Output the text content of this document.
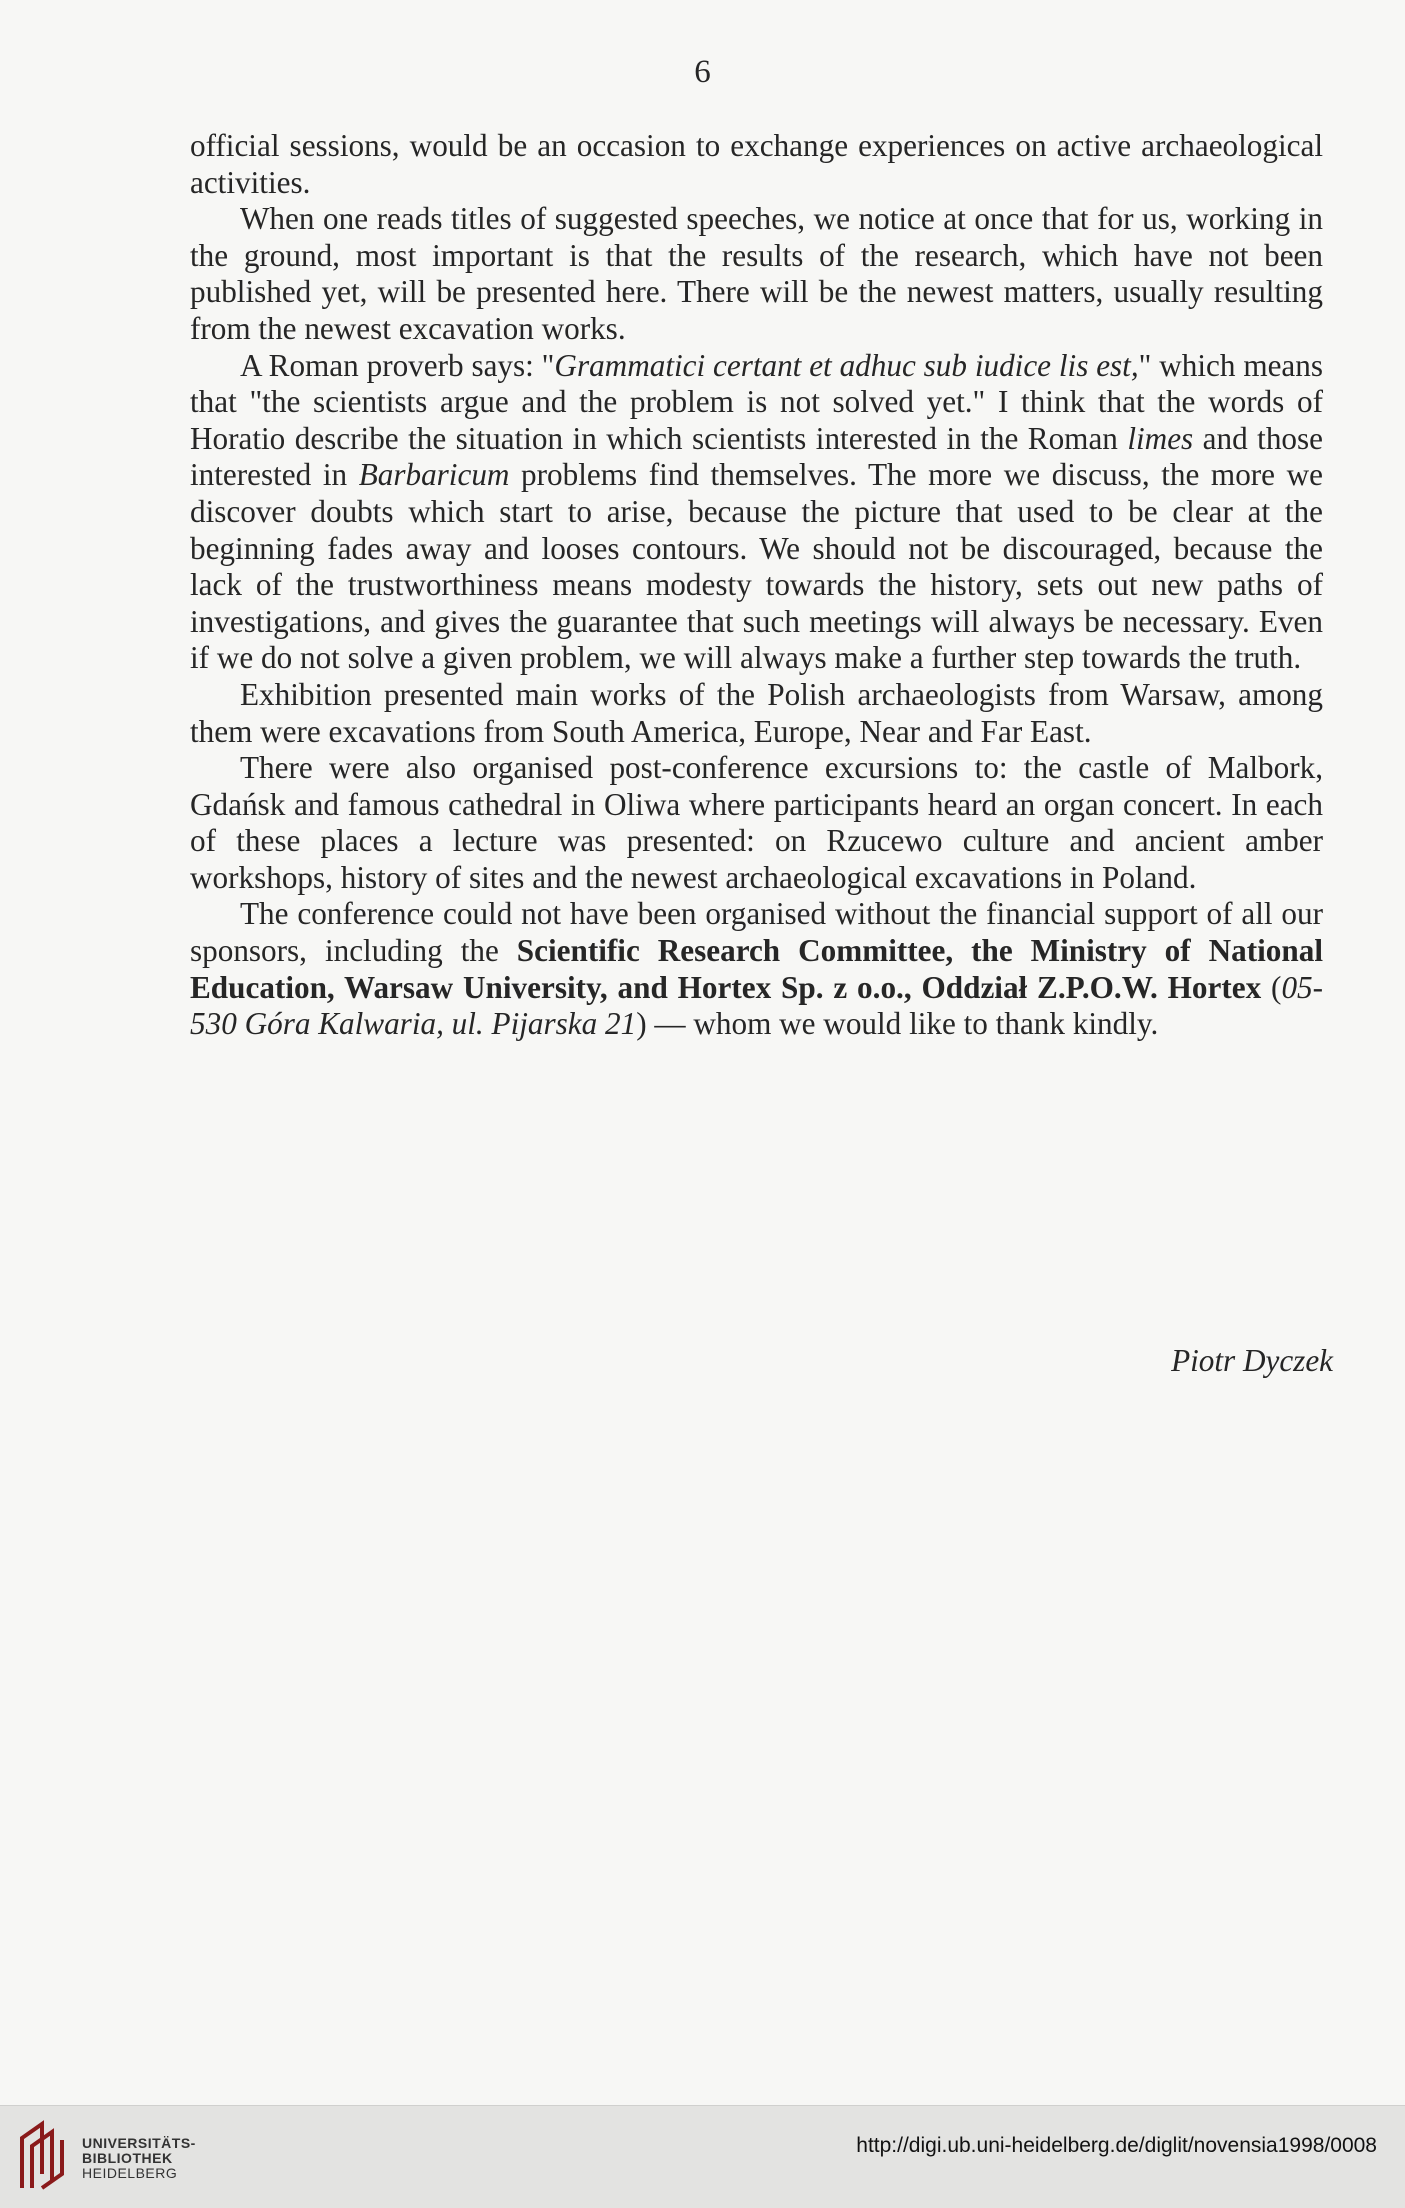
6

official sessions, would be an occasion to exchange experiences on active archaeological activities.

When one reads titles of suggested speeches, we notice at once that for us, working in the ground, most important is that the results of the research, which have not been published yet, will be presented here. There will be the newest matters, usually resulting from the newest excavation works.

A Roman proverb says: "Grammatici certant et adhuc sub iudice lis est," which means that "the scientists argue and the problem is not solved yet." I think that the words of Horatio describe the situation in which scientists interested in the Roman limes and those interested in Barbaricum problems find themselves. The more we discuss, the more we discover doubts which start to arise, because the picture that used to be clear at the beginning fades away and looses contours. We should not be discouraged, because the lack of the trustworthiness means modesty towards the history, sets out new paths of investigations, and gives the guarantee that such meetings will always be necessary. Even if we do not solve a given problem, we will always make a further step towards the truth.

Exhibition presented main works of the Polish archaeologists from Warsaw, among them were excavations from South America, Europe, Near and Far East.

There were also organised post-conference excursions to: the castle of Malbork, Gdańsk and famous cathedral in Oliwa where participants heard an organ concert. In each of these places a lecture was presented: on Rzucewo culture and ancient amber workshops, history of sites and the newest archaeological excavations in Poland.

The conference could not have been organised without the financial support of all our sponsors, including the Scientific Research Committee, the Ministry of National Education, Warsaw University, and Hortex Sp. z o.o., Oddział Z.P.O.W. Hortex (05-530 Góra Kalwaria, ul. Pijarska 21) — whom we would like to thank kindly.

Piotr Dyczek
UNIVERSITÄTS-
BIBLIOTHEK
HEIDELBERG
http://digi.ub.uni-heidelberg.de/diglit/novensia1998/0008
